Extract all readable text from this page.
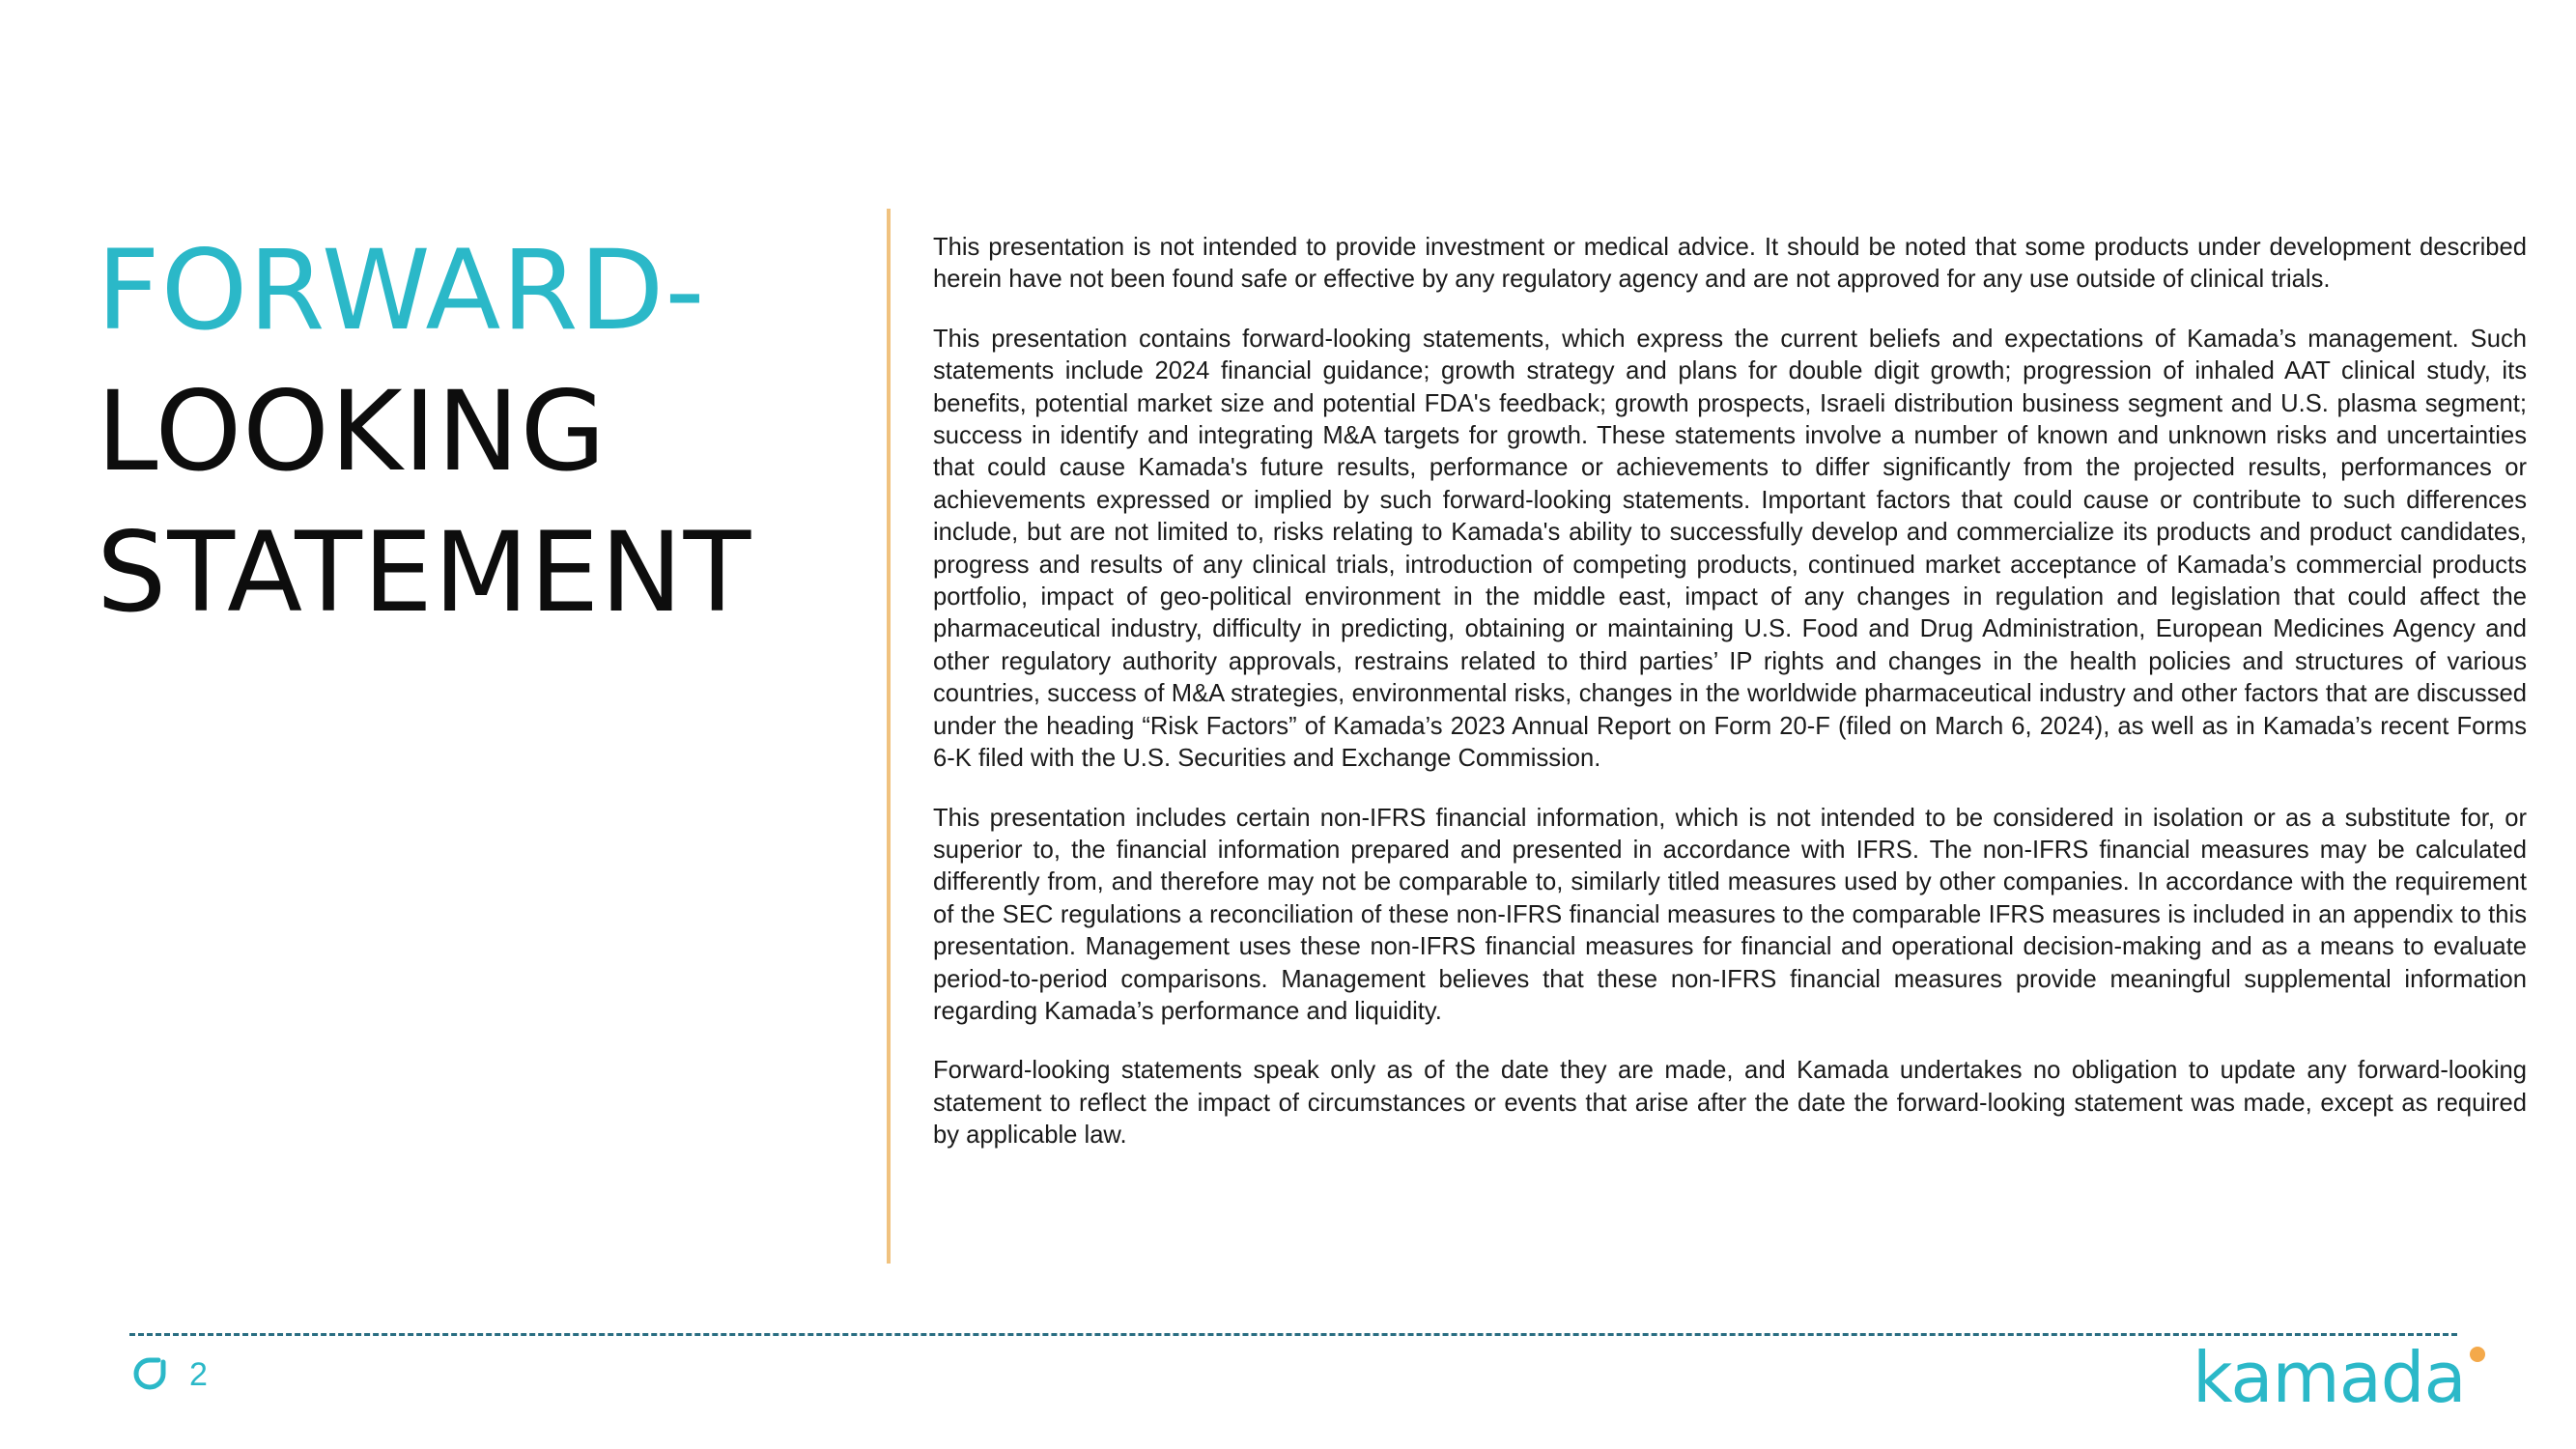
FORWARD-
LOOKING
STATEMENT

This presentation is not intended to provide investment or medical advice. It should be noted that some products under development described herein have not been found safe or effective by any regulatory agency and are not approved for any use outside of clinical trials.

This presentation contains forward-looking statements, which express the current beliefs and expectations of Kamada’s management. Such statements include 2024 financial guidance; growth strategy and plans for double digit growth; progression of inhaled AAT clinical study, its benefits, potential market size and potential FDA's feedback; growth prospects, Israeli distribution business segment and U.S. plasma segment; success in identify and integrating M&A targets for growth. These statements involve a number of known and unknown risks and uncertainties that could cause Kamada's future results, performance or achievements to differ significantly from the projected results, performances or achievements expressed or implied by such forward-looking statements. Important factors that could cause or contribute to such differences include, but are not limited to, risks relating to Kamada's ability to successfully develop and commercialize its products and product candidates, progress and results of any clinical trials, introduction of competing products, continued market acceptance of Kamada’s commercial products portfolio, impact of geo-political environment in the middle east, impact of any changes in regulation and legislation that could affect the pharmaceutical industry, difficulty in predicting, obtaining or maintaining U.S. Food and Drug Administration, European Medicines Agency and other regulatory authority approvals, restrains related to third parties’ IP rights and changes in the health policies and structures of various countries, success of M&A strategies, environmental risks, changes in the worldwide pharmaceutical industry and other factors that are discussed under the heading “Risk Factors” of Kamada’s 2023 Annual Report on Form 20-F (filed on March 6, 2024), as well as in Kamada’s recent Forms 6-K filed with the U.S. Securities and Exchange Commission.

This presentation includes certain non-IFRS financial information, which is not intended to be considered in isolation or as a substitute for, or superior to, the financial information prepared and presented in accordance with IFRS. The non-IFRS financial measures may be calculated differently from, and therefore may not be comparable to, similarly titled measures used by other companies. In accordance with the requirement of the SEC regulations a reconciliation of these non-IFRS financial measures to the comparable IFRS measures is included in an appendix to this presentation. Management uses these non-IFRS financial measures for financial and operational decision-making and as a means to evaluate period-to-period comparisons. Management believes that these non-IFRS financial measures provide meaningful supplemental information regarding Kamada’s performance and liquidity.

Forward-looking statements speak only as of the date they are made, and Kamada undertakes no obligation to update any forward-looking statement to reflect the impact of circumstances or events that arise after the date the forward-looking statement was made, except as required by applicable law.

2	kamada
